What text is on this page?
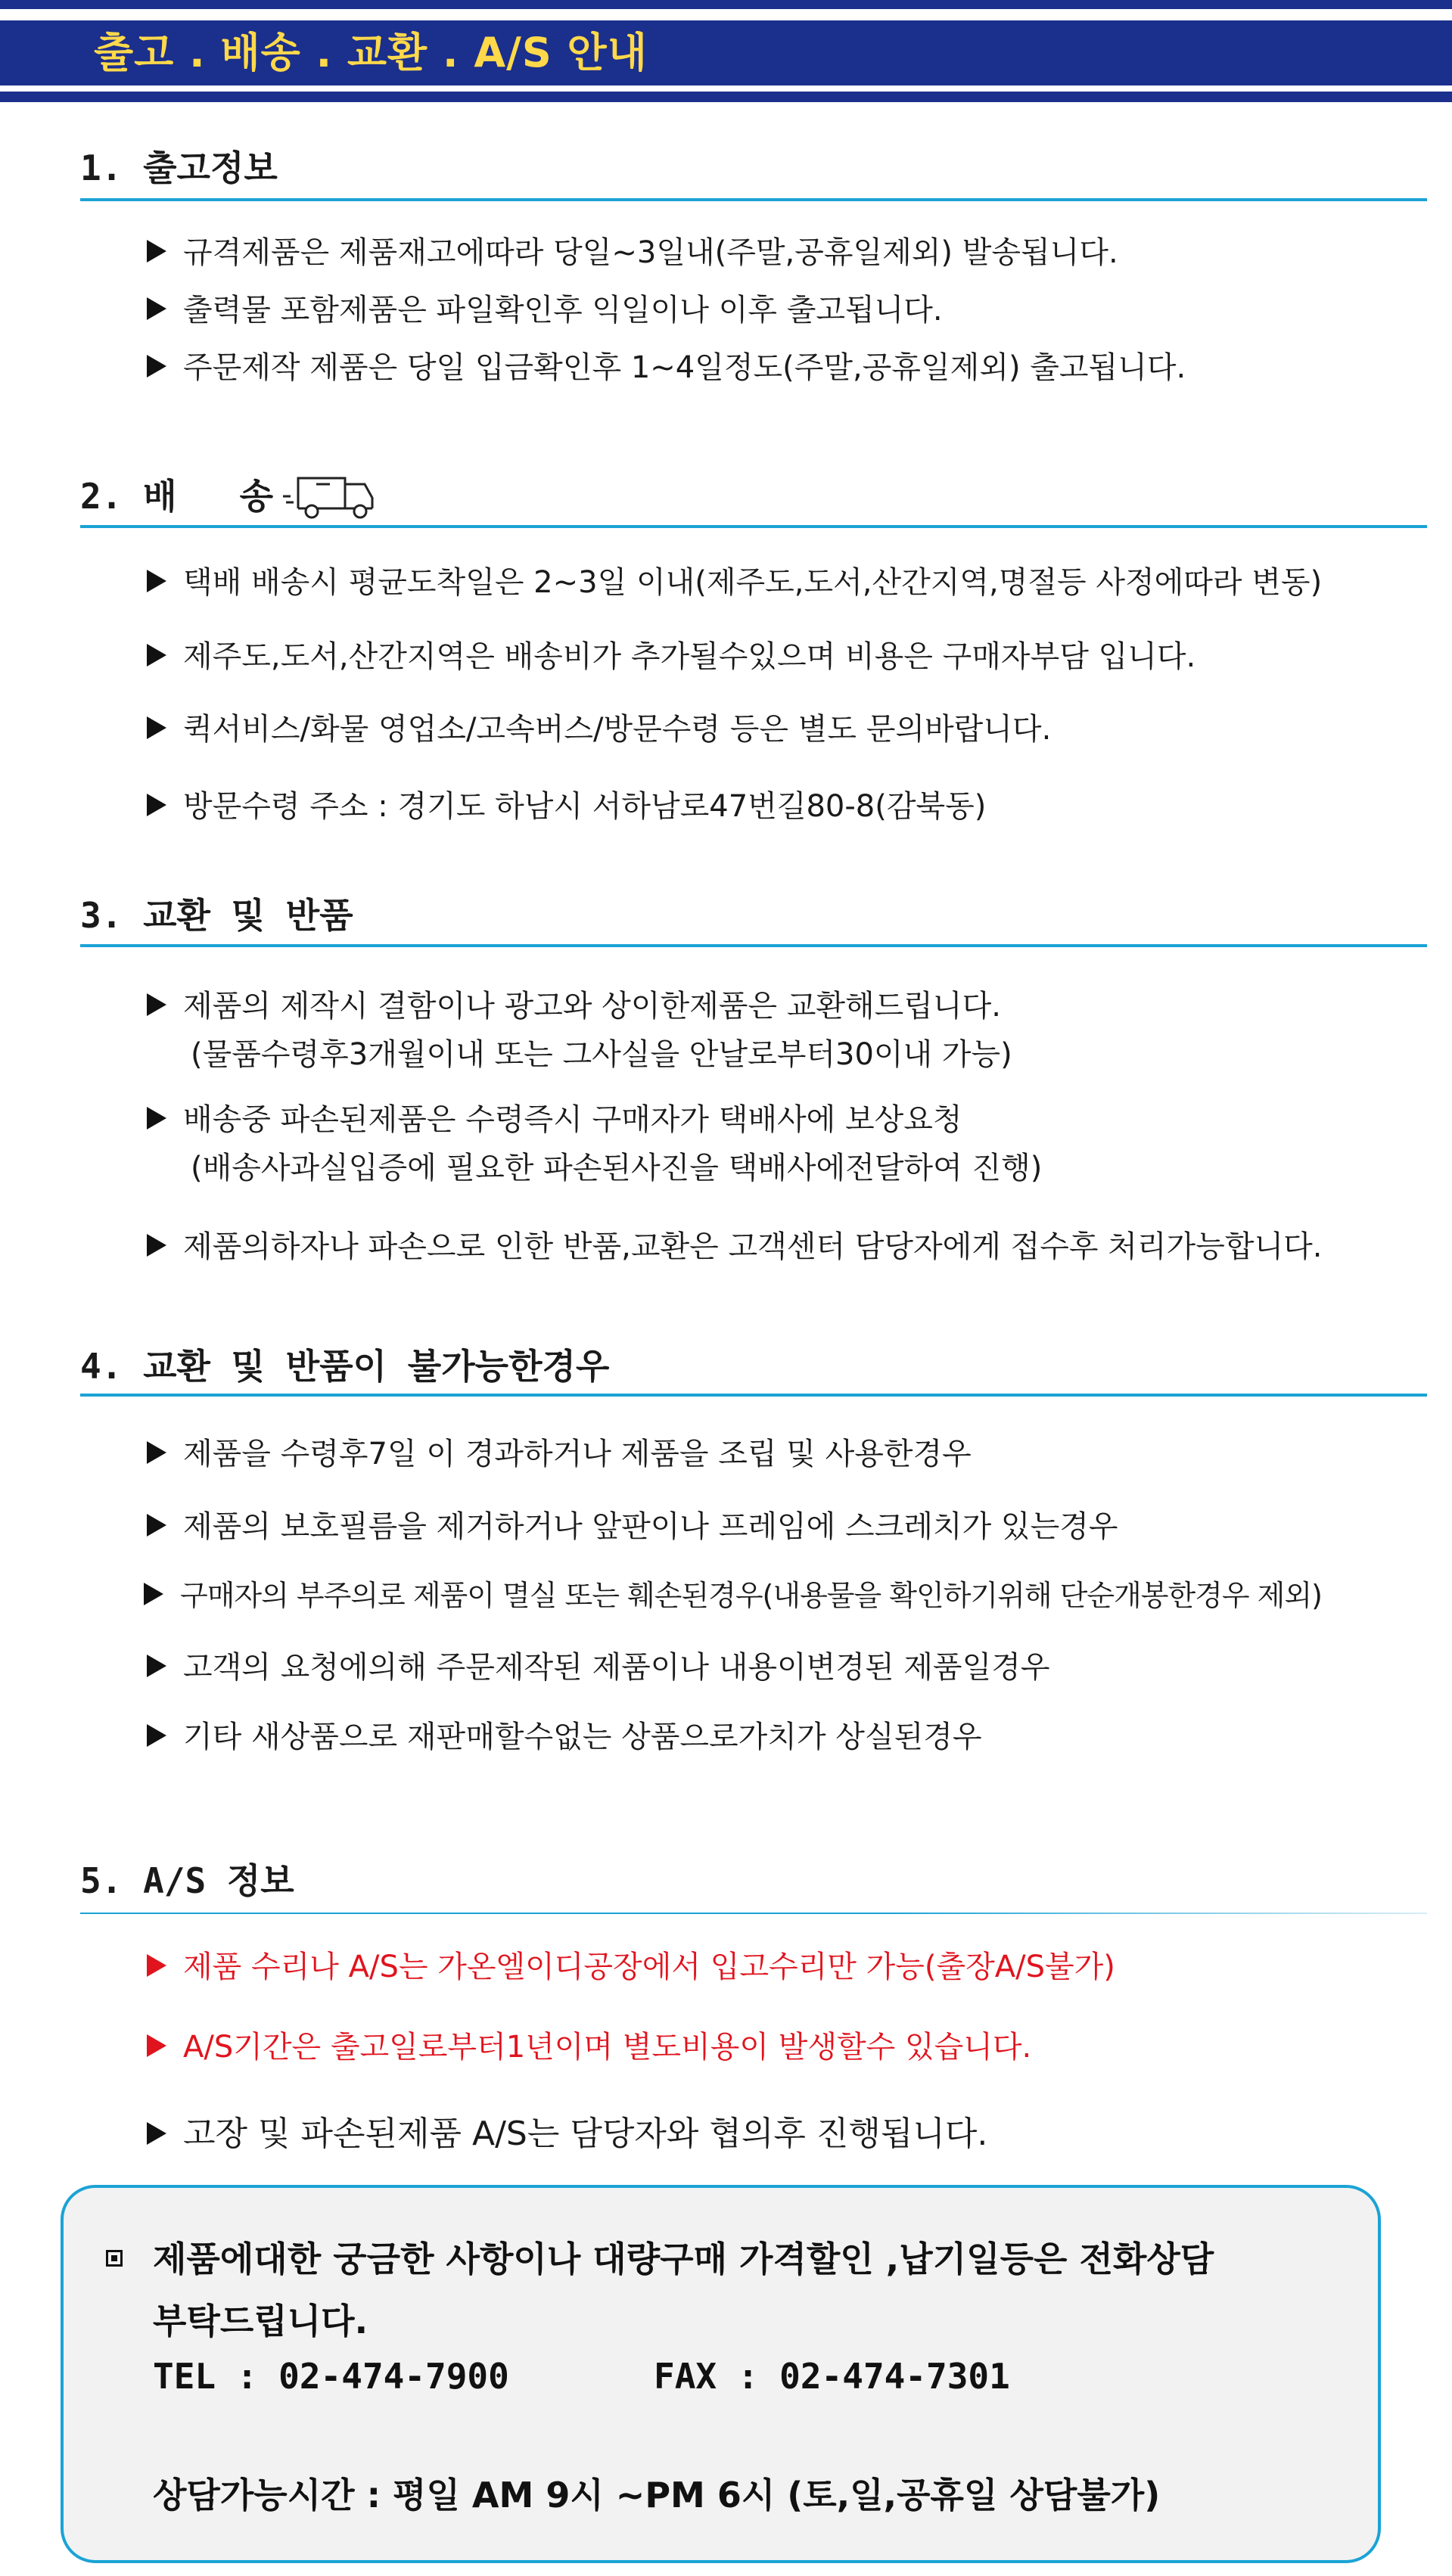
출고 . 배송 . 교환 . A/S 안내
1. 출고정보
규격제품은 제품재고에따라 당일~3일내(주말,공휴일제외) 발송됩니다.
출력물 포함제품은 파일확인후 익일이나 이후 출고됩니다.
주문제작 제품은 당일 입금확인후 1~4일정도(주말,공휴일제외) 출고됩니다.
2. 배   송
택배 배송시 평균도착일은 2~3일 이내(제주도,도서,산간지역,명절등 사정에따라 변동)
제주도,도서,산간지역은 배송비가 추가될수있으며 비용은 구매자부담 입니다.
퀵서비스/화물 영업소/고속버스/방문수령 등은 별도 문의바랍니다.
방문수령 주소 : 경기도 하남시 서하남로47번길80-8(감북동)
3. 교환 및 반품
제품의 제작시 결함이나 광고와 상이한제품은 교환해드립니다.
(물품수령후3개월이내 또는 그사실을 안날로부터30이내 가능)
배송중 파손된제품은 수령즉시 구매자가 택배사에 보상요청
(배송사과실입증에 필요한 파손된사진을 택배사에전달하여 진행)
제품의하자나 파손으로 인한 반품,교환은 고객센터 담당자에게 접수후 처리가능합니다.
4. 교환 및 반품이 불가능한경우
제품을 수령후7일 이 경과하거나 제품을 조립 및 사용한경우
제품의 보호필름을 제거하거나 앞판이나 프레임에 스크레치가 있는경우
구매자의 부주의로 제품이 멸실 또는 훼손된경우(내용물을 확인하기위해 단순개봉한경우 제외)
고객의 요청에의해 주문제작된 제품이나 내용이변경된 제품일경우
기타 새상품으로 재판매할수없는 상품으로가치가 상실된경우
5. A/S 정보
제품 수리나 A/S는 가온엘이디공장에서 입고수리만 가능(출장A/S불가)
A/S기간은 출고일로부터1년이며 별도비용이 발생할수 있습니다.
고장 및 파손된제품 A/S는 담당자와 협의후 진행됩니다.
제품에대한 궁금한 사항이나 대량구매 가격할인 ,납기일등은 전화상담
부탁드립니다.
TEL : 02-474-7900	FAX : 02-474-7301
상담가능시간 : 평일 AM 9시 ~PM 6시 (토,일,공휴일 상담불가)
